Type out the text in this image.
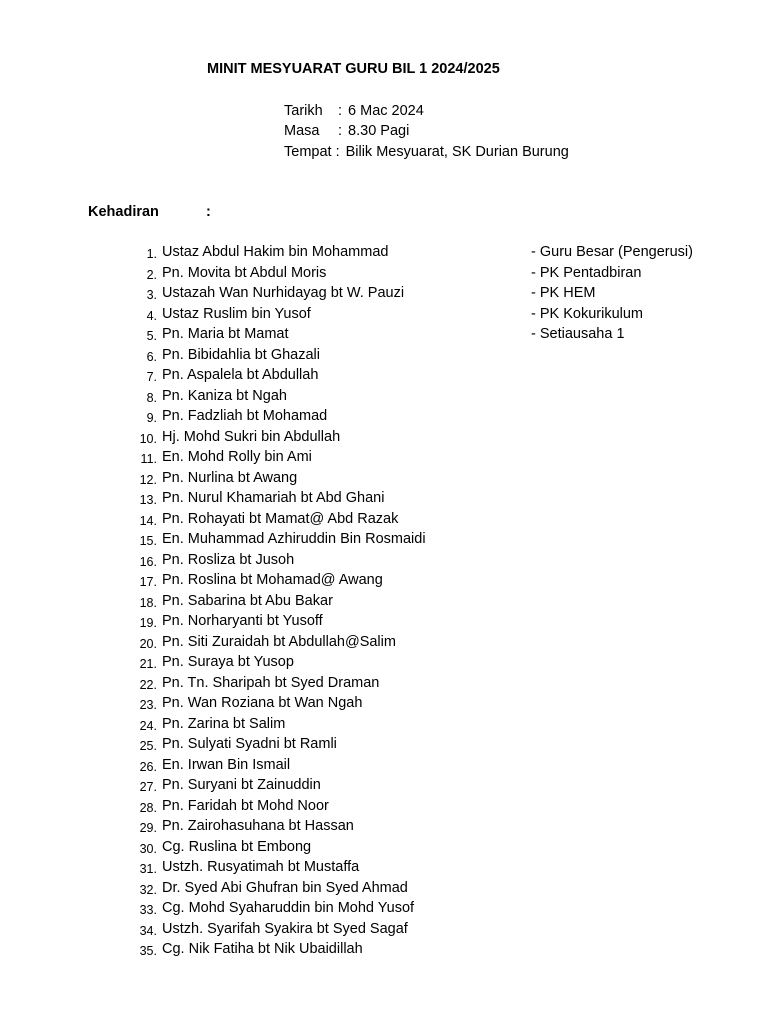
MINIT MESYUARAT GURU BIL 1 2024/2025
Tarikh	: 6 Mac 2024
Masa	: 8.30 Pagi
Tempat : Bilik Mesyuarat, SK Durian Burung
Kehadiran	:
1. Ustaz Abdul Hakim bin Mohammad	- Guru Besar (Pengerusi)
2. Pn. Movita bt Abdul Moris	- PK Pentadbiran
3. Ustazah Wan Nurhidayag bt W. Pauzi	- PK HEM
4. Ustaz Ruslim bin Yusof	- PK Kokurikulum
5. Pn. Maria bt Mamat	- Setiausaha 1
6. Pn. Bibidahlia bt Ghazali
7. Pn. Aspalela bt Abdullah
8. Pn. Kaniza bt Ngah
9. Pn. Fadzliah bt Mohamad
10. Hj. Mohd Sukri bin Abdullah
11. En. Mohd Rolly bin Ami
12. Pn. Nurlina bt Awang
13. Pn. Nurul Khamariah bt Abd Ghani
14. Pn. Rohayati bt Mamat@ Abd Razak
15. En. Muhammad Azhiruddin Bin Rosmaidi
16. Pn. Rosliza bt Jusoh
17. Pn. Roslina bt Mohamad@ Awang
18. Pn. Sabarina bt Abu Bakar
19. Pn. Norharyanti bt Yusoff
20. Pn. Siti Zuraidah bt Abdullah@Salim
21. Pn. Suraya bt Yusop
22. Pn. Tn. Sharipah bt Syed Draman
23. Pn. Wan Roziana bt Wan Ngah
24. Pn. Zarina bt Salim
25. Pn. Sulyati Syadni bt Ramli
26. En. Irwan Bin Ismail
27. Pn. Suryani bt Zainuddin
28. Pn. Faridah bt Mohd Noor
29. Pn. Zairohasuhana bt Hassan
30. Cg. Ruslina bt Embong
31. Ustzh. Rusyatimah bt Mustaffa
32. Dr. Syed Abi Ghufran bin Syed Ahmad
33. Cg. Mohd Syaharuddin bin Mohd Yusof
34. Ustzh. Syarifah Syakira bt Syed Sagaf
35. Cg. Nik Fatiha bt Nik Ubaidillah
